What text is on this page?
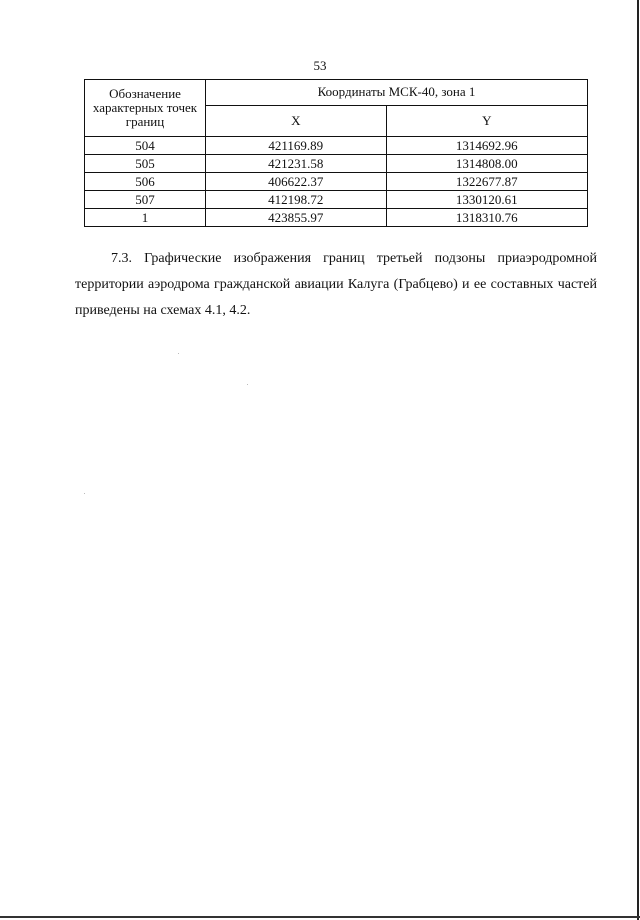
53
Обозначение характерных точек границ	Координаты МСК-40, зона 1	
	X	Y
504	421169.89	1314692.96
505	421231.58	1314808.00
506	406622.37	1322677.87
507	412198.72	1330120.61
1	423855.97	1318310.76
7.3. Графические изображения границ третьей подзоны приаэродромной территории аэродрома гражданской авиации Калуга (Грабцево) и ее составных частей приведены на схемах 4.1, 4.2.
